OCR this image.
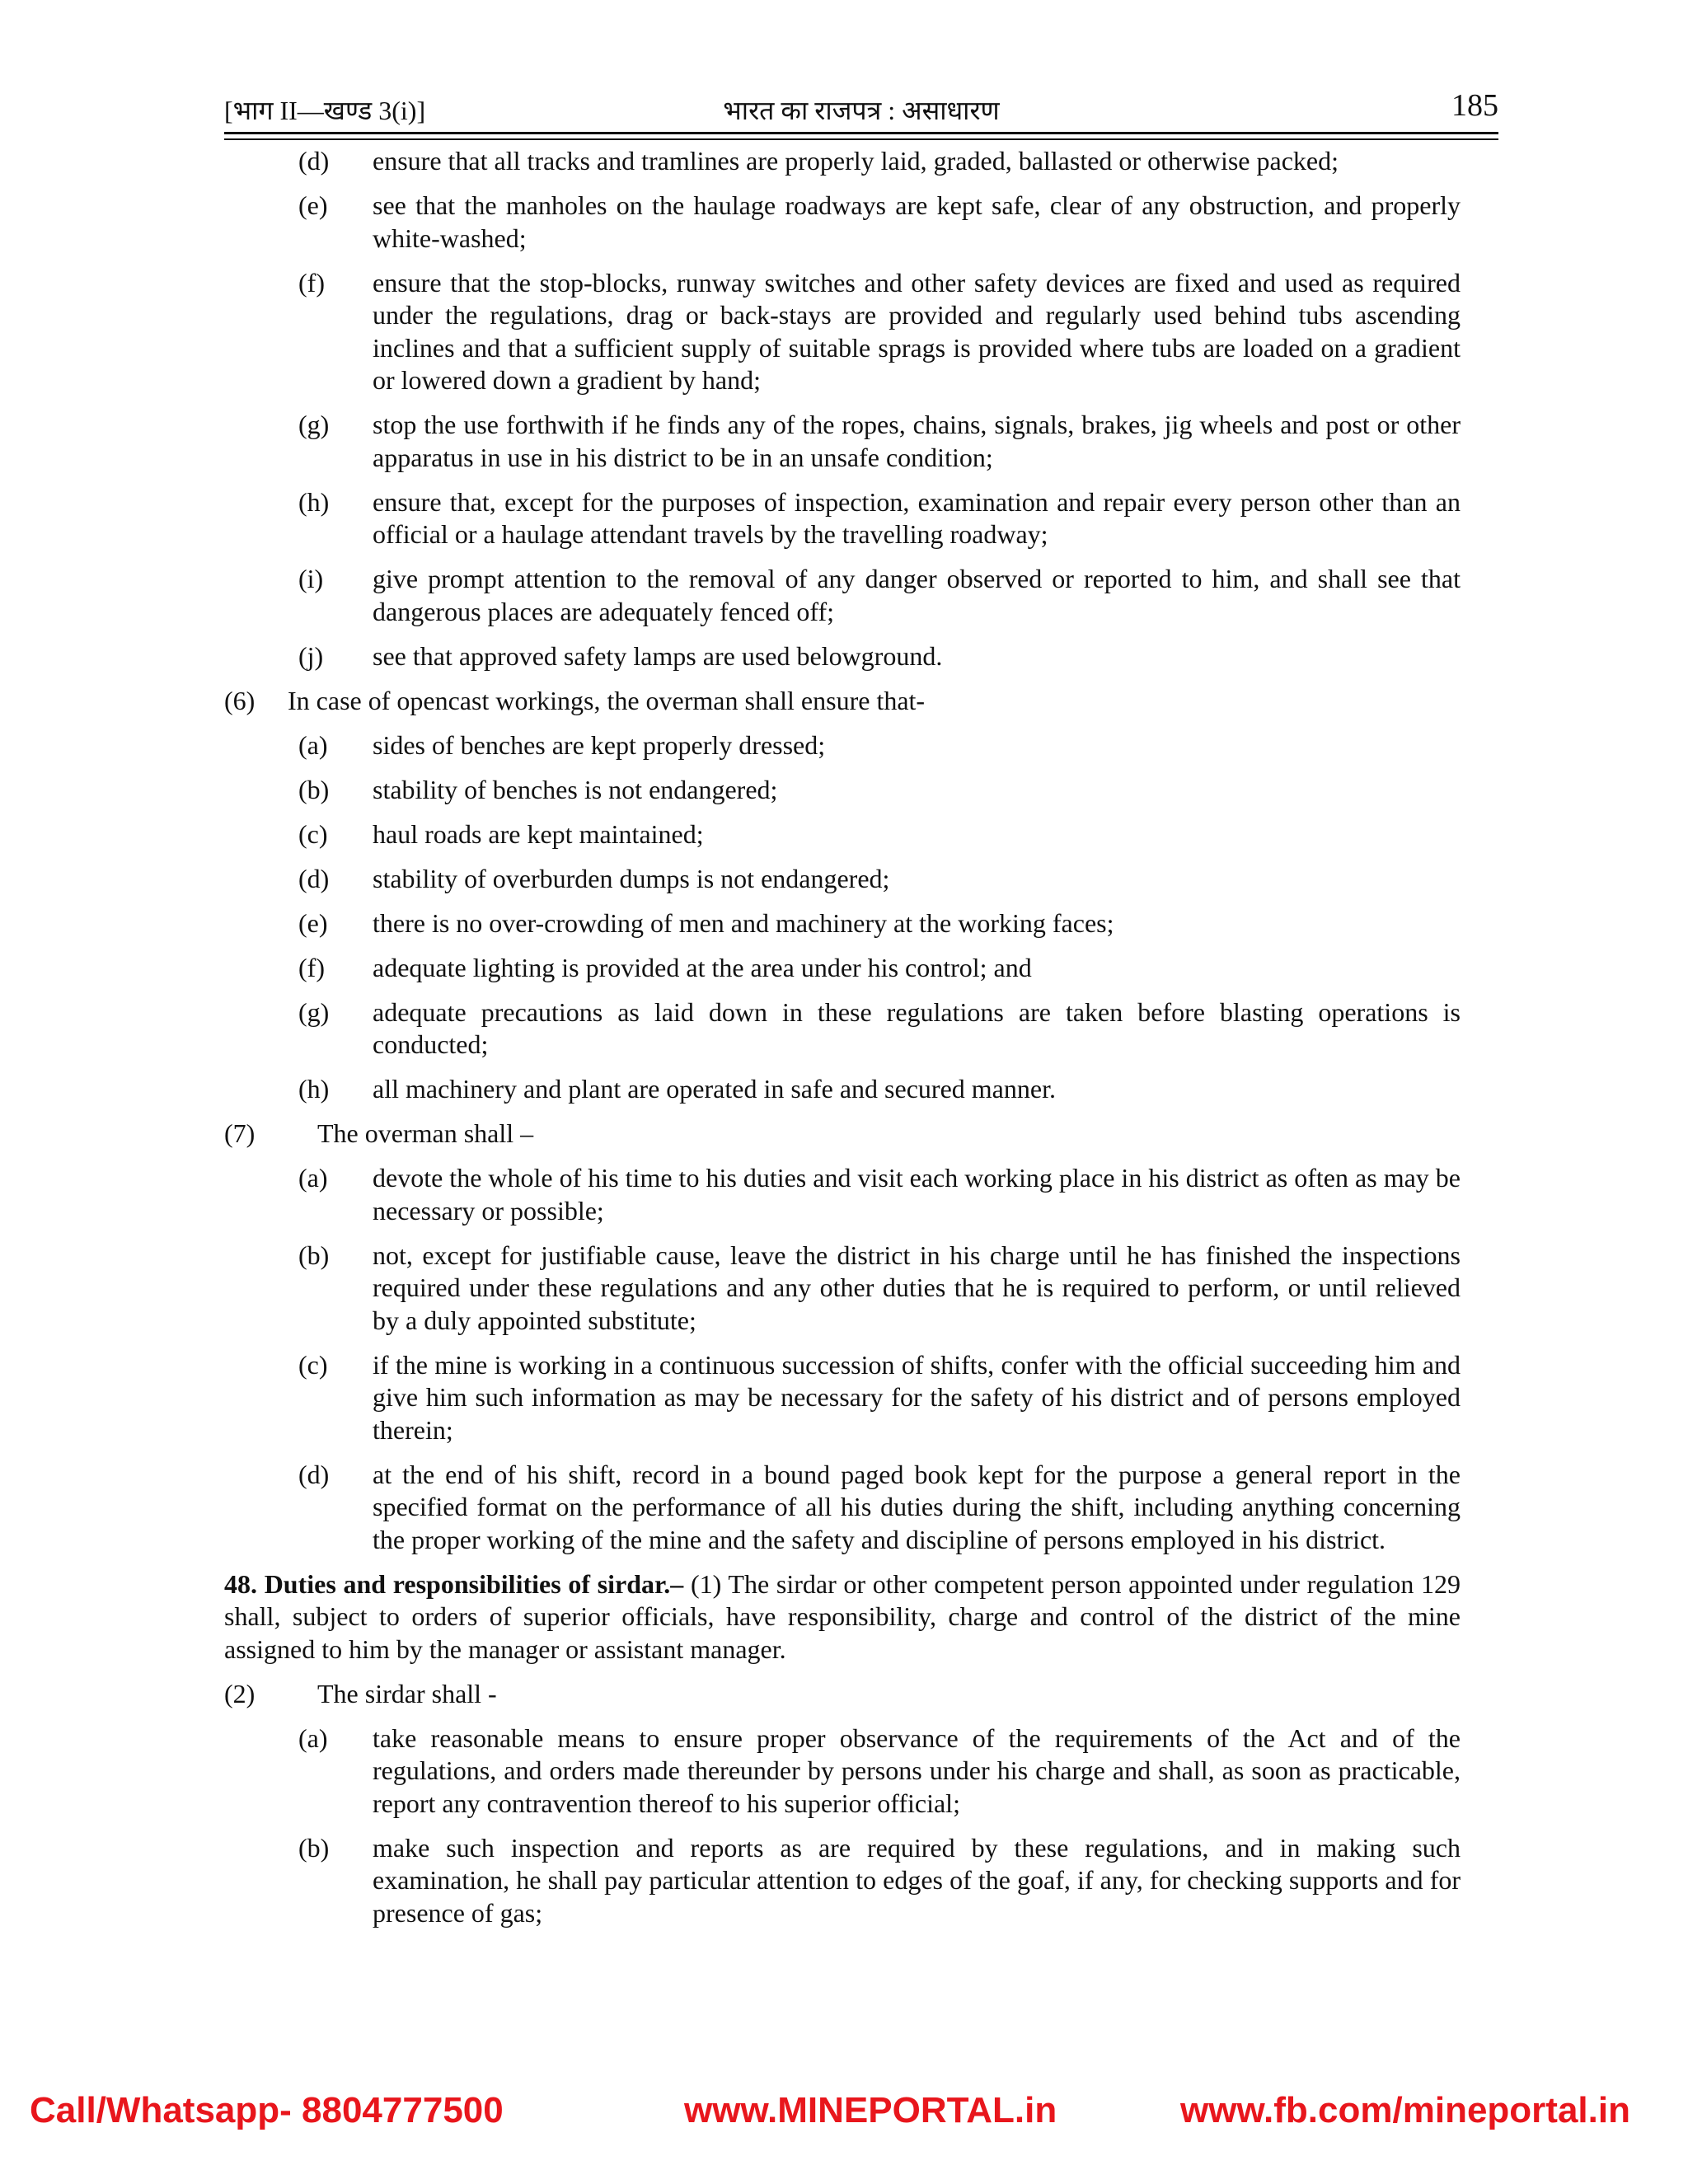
भारत का राजपत्र : असाधारण
[भाग II—खण्ड 3(i)]	185
(d) ensure that all tracks and tramlines are properly laid, graded, ballasted or otherwise packed;
(e) see that the manholes on the haulage roadways are kept safe, clear of any obstruction, and properly white-washed;
(f) ensure that the stop-blocks, runway switches and other safety devices are fixed and used as required under the regulations, drag or back-stays are provided and regularly used behind tubs ascending inclines and that a sufficient supply of suitable sprags is provided where tubs are loaded on a gradient or lowered down a gradient by hand;
(g) stop the use forthwith if he finds any of the ropes, chains, signals, brakes, jig wheels and post or other apparatus in use in his district to be in an unsafe condition;
(h) ensure that, except for the purposes of inspection, examination and repair every person other than an official or a haulage attendant travels by the travelling roadway;
(i) give prompt attention to the removal of any danger observed or reported to him, and shall see that dangerous places are adequately fenced off;
(j) see that approved safety lamps are used belowground.
(6) In case of opencast workings, the overman shall ensure that-
(a) sides of benches are kept properly dressed;
(b) stability of benches is not endangered;
(c) haul roads are kept maintained;
(d) stability of overburden dumps is not endangered;
(e) there is no over-crowding of men and machinery at the working faces;
(f) adequate lighting is provided at the area under his control; and
(g) adequate precautions as laid down in these regulations are taken before blasting operations is conducted;
(h) all machinery and plant are operated in safe and secured manner.
(7) The overman shall –
(a) devote the whole of his time to his duties and visit each working place in his district as often as may be necessary or possible;
(b) not, except for justifiable cause, leave the district in his charge until he has finished the inspections required under these regulations and any other duties that he is required to perform, or until relieved by a duly appointed substitute;
(c) if the mine is working in a continuous succession of shifts, confer with the official succeeding him and give him such information as may be necessary for the safety of his district and of persons employed therein;
(d) at the end of his shift, record in a bound paged book kept for the purpose a general report in the specified format on the performance of all his duties during the shift, including anything concerning the proper working of the mine and the safety and discipline of persons employed in his district.
48. Duties and responsibilities of sirdar.– (1) The sirdar or other competent person appointed under regulation 129 shall, subject to orders of superior officials, have responsibility, charge and control of the district of the mine assigned to him by the manager or assistant manager.
(2) The sirdar shall -
(a) take reasonable means to ensure proper observance of the requirements of the Act and of the regulations, and orders made thereunder by persons under his charge and shall, as soon as practicable, report any contravention thereof to his superior official;
(b) make such inspection and reports as are required by these regulations, and in making such examination, he shall pay particular attention to edges of the goaf, if any, for checking supports and for presence of gas;
Call/Whatsapp- 8804777500	www.MINEPORTAL.in	www.fb.com/mineportal.in
